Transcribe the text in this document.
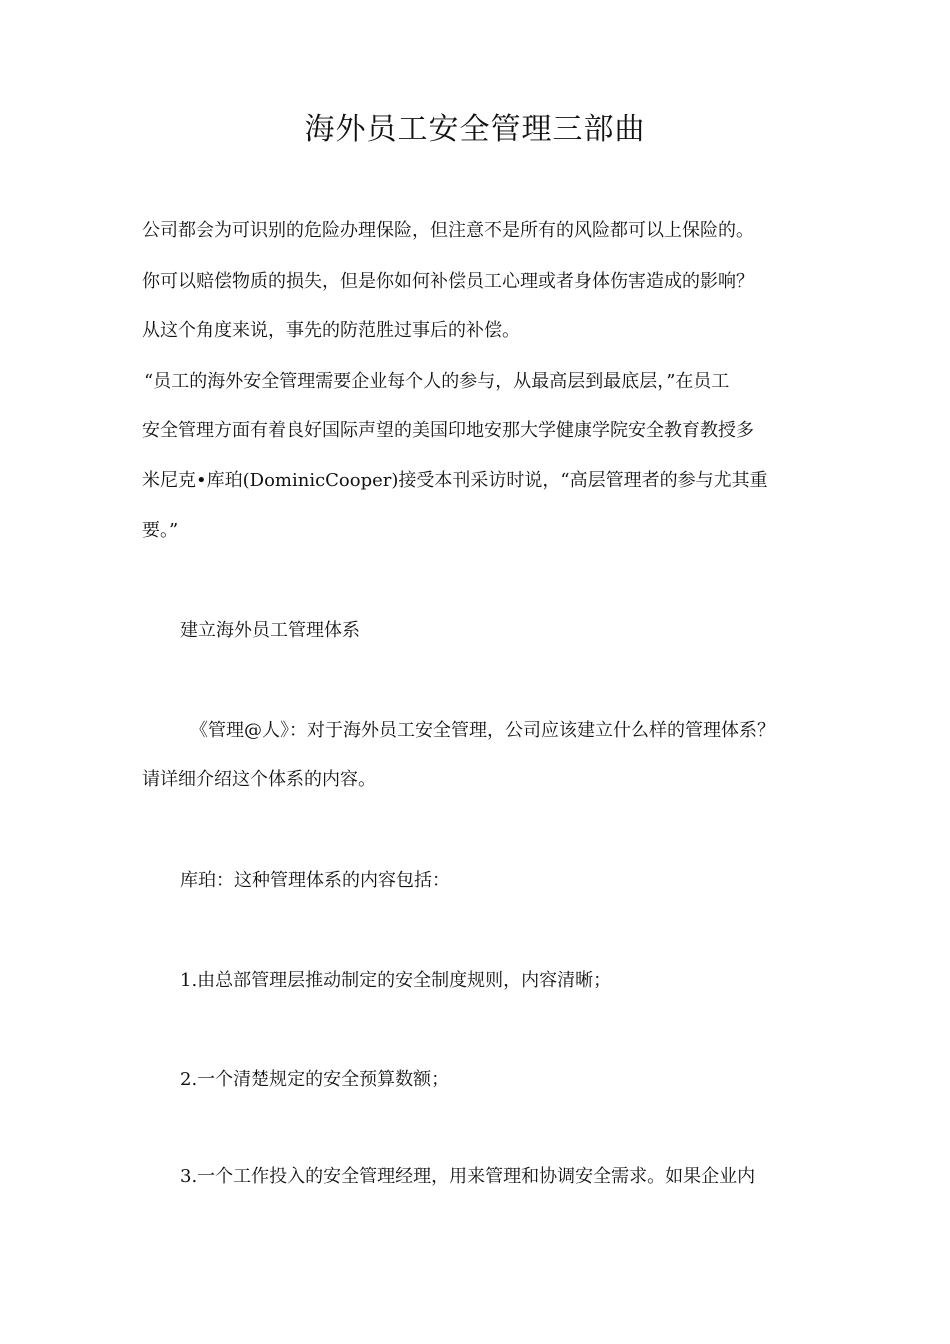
海外员工安全管理三部曲

公司都会为可识别的危险办理保险，但注意不是所有的风险都可以上保险的。

你可以赔偿物质的损失，但是你如何补偿员工心理或者身体伤害造成的影响？

从这个角度来说，事先的防范胜过事后的补偿。

“员工的海外安全管理需要企业每个人的参与，从最高层到最底层，”在员工

安全管理方面有着良好国际声望的美国印地安那大学健康学院安全教育教授多

米尼克•库珀(DominicCooper)接受本刊采访时说，“高层管理者的参与尤其重

要。”

建立海外员工管理体系

《管理@人》：对于海外员工安全管理，公司应该建立什么样的管理体系？

请详细介绍这个体系的内容。

库珀：这种管理体系的内容包括：

1.由总部管理层推动制定的安全制度规则，内容清晰；

2.一个清楚规定的安全预算数额；

3.一个工作投入的安全管理经理，用来管理和协调安全需求。如果企业内
